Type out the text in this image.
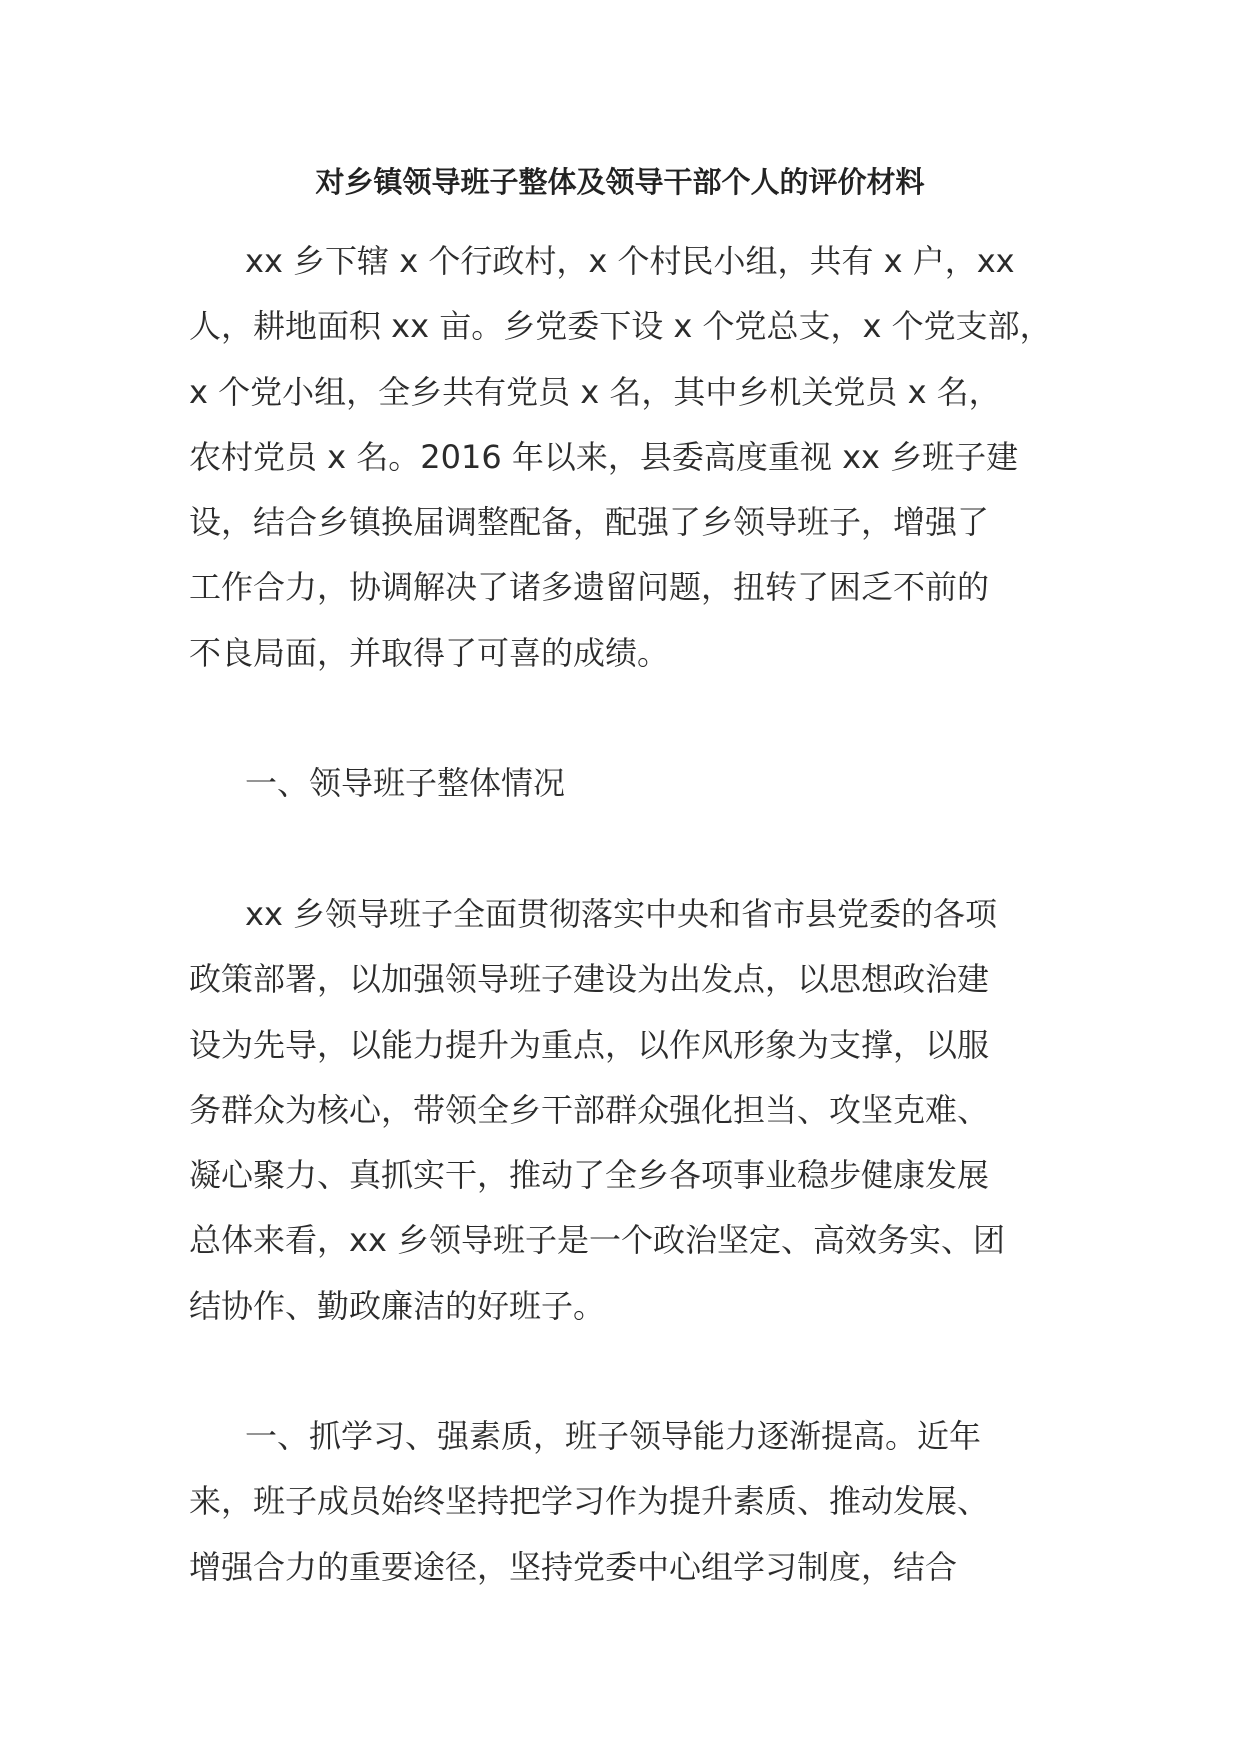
对乡镇领导班子整体及领导干部个人的评价材料
xx 乡下辖 x 个行政村，x 个村民小组，共有 x 户，xx
人，耕地面积 xx 亩。乡党委下设 x 个党总支，x 个党支部，
x 个党小组，全乡共有党员 x 名，其中乡机关党员 x 名，
农村党员 x 名。2016 年以来，县委高度重视 xx 乡班子建
设，结合乡镇换届调整配备，配强了乡领导班子，增强了
工作合力，协调解决了诸多遗留问题，扭转了困乏不前的
不良局面，并取得了可喜的成绩。
一、领导班子整体情况
xx 乡领导班子全面贯彻落实中央和省市县党委的各项
政策部署，以加强领导班子建设为出发点，以思想政治建
设为先导，以能力提升为重点，以作风形象为支撑，以服
务群众为核心，带领全乡干部群众强化担当、攻坚克难、
凝心聚力、真抓实干，推动了全乡各项事业稳步健康发展
总体来看，xx 乡领导班子是一个政治坚定、高效务实、团
结协作、勤政廉洁的好班子。
一、抓学习、强素质，班子领导能力逐渐提高。近年
来，班子成员始终坚持把学习作为提升素质、推动发展、
增强合力的重要途径，坚持党委中心组学习制度，结合
